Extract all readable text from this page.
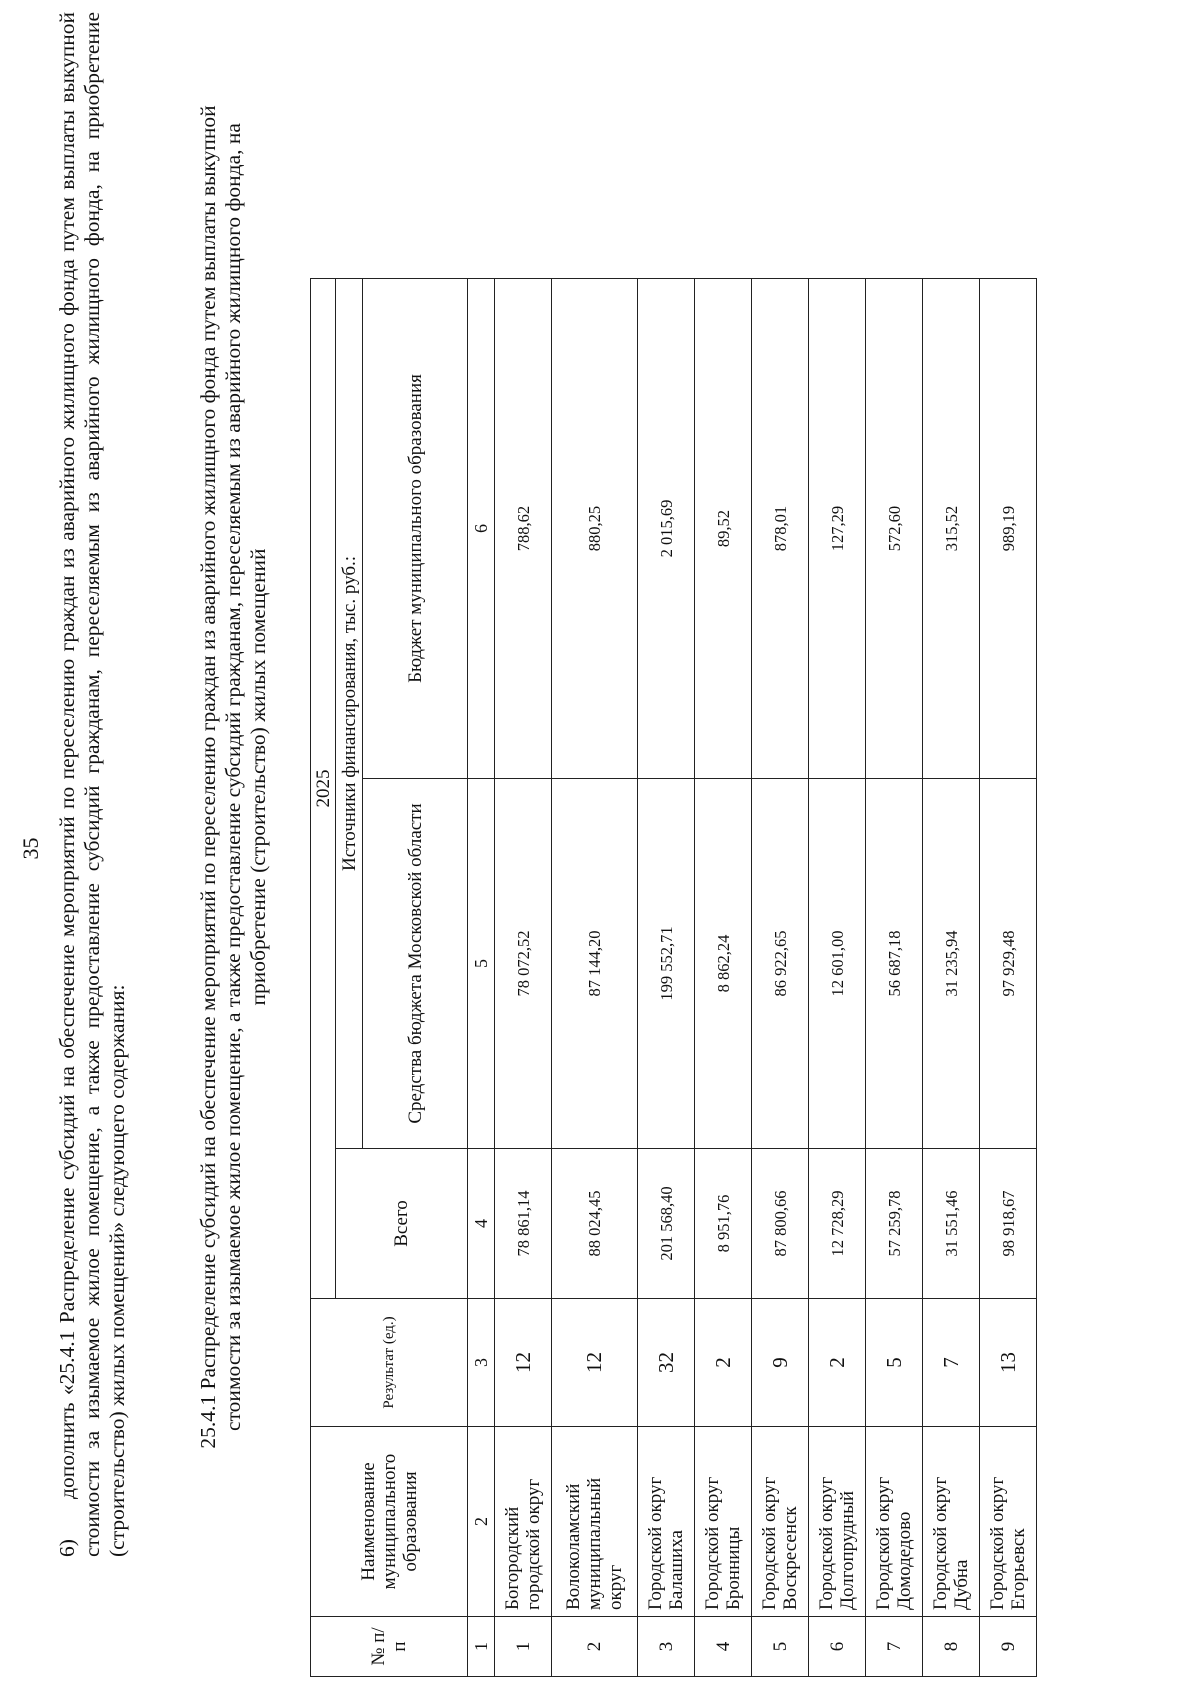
35
6)дополнить «25.4.1 Распределение субсидий на обеспечение мероприятий по переселению граждан из аварийного жилищного фонда путем выплаты выкупной стоимости за изымаемое жилое помещение, а также предоставление субсидий гражданам, переселяемым из аварийного жилищного фонда, на приобретение (строительство) жилых помещений» следующего содержания:	25.4.1 Распределение субсидий на обеспечение мероприятий по переселению граждан из аварийного жилищного фонда путем выплаты выкупной стоимости за изымаемое жилое помещение, а также предоставление субсидий гражданам, переселяемым из аварийного жилищного фонда, на приобретение (строительство) жилых помещений
№ п/п	Наименование муниципального образования	Результат (ед.)	2025		
			Всего	Источники финансирования, тыс. руб.:	
				Средства бюджета Московской области	Бюджет муниципального образования
1	2	3	4	5	6
1	Богородский городской округ	12	78 861,14	78 072,52	788,62
2	Волоколамский муниципальный округ	12	88 024,45	87 144,20	880,25
3	Городской округ Балашиха	32	201 568,40	199 552,71	2 015,69
4	Городской округ Бронницы	2	8 951,76	8 862,24	89,52
5	Городской округ Воскресенск	9	87 800,66	86 922,65	878,01
6	Городской округ Долгопрудный	2	12 728,29	12 601,00	127,29
7	Городской округ Домодедово	5	57 259,78	56 687,18	572,60
8	Городской округ Дубна	7	31 551,46	31 235,94	315,52
9	Городской округ Егорьевск	13	98 918,67	97 929,48	989,19
